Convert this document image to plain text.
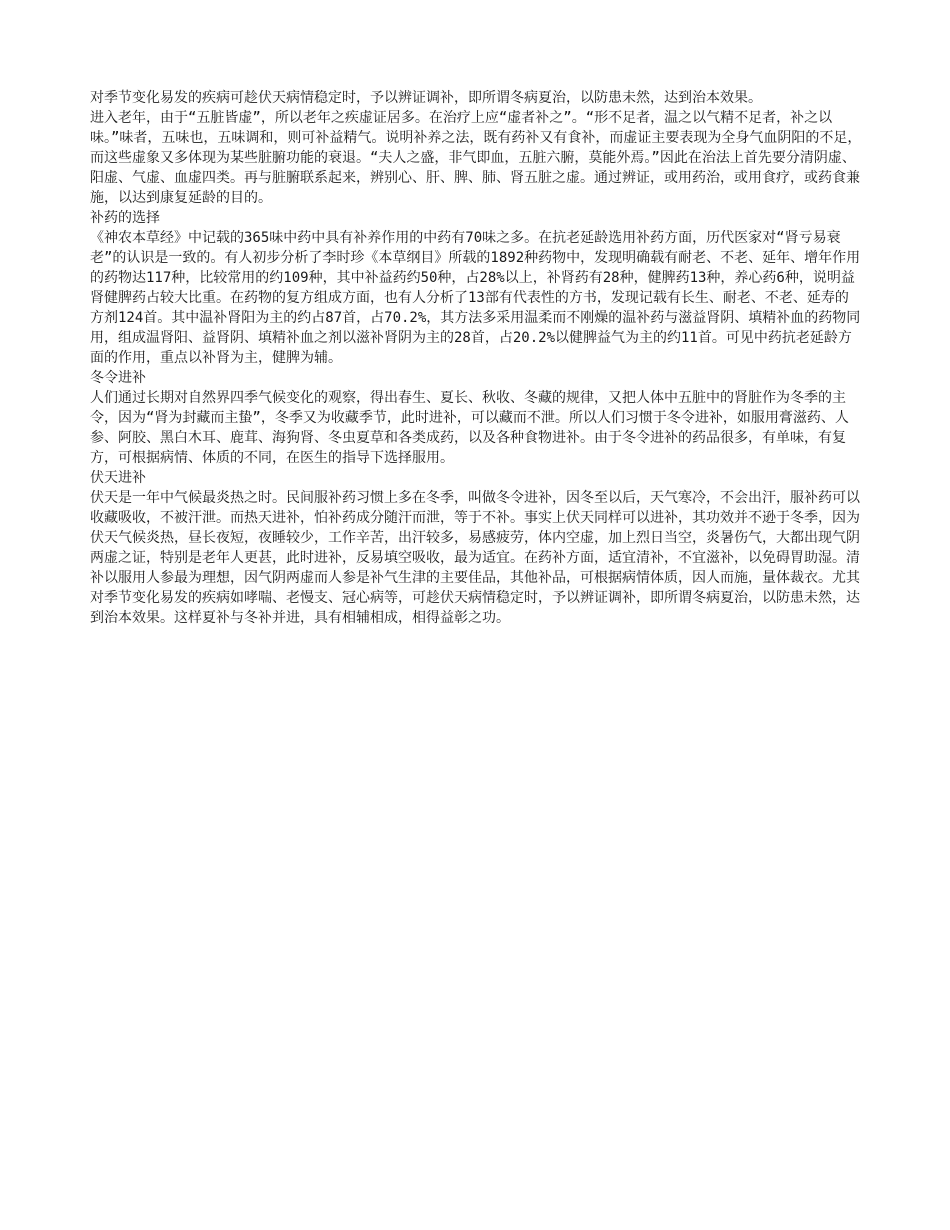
对季节变化易发的疾病可趁伏天病情稳定时，予以辨证调补，即所谓冬病夏治，以防患未然，达到治本效果。

进入老年，由于“五脏皆虚”，所以老年之疾虚证居多。在治疗上应“虚者补之”。“形不足者，温之以气精不足者，补之以味。”味者，五味也，五味调和，则可补益精气。说明补养之法，既有药补又有食补，而虚证主要表现为全身气血阴阳的不足，而这些虚象又多体现为某些脏腑功能的衰退。“夫人之盛，非气即血，五脏六腑，莫能外焉。”因此在治法上首先要分清阴虚、阳虚、气虚、血虚四类。再与脏腑联系起来，辨别心、肝、脾、肺、肾五脏之虚。通过辨证，或用药治，或用食疗，或药食兼施，以达到康复延龄的目的。

补药的选择

《神农本草经》中记载的365味中药中具有补养作用的中药有70味之多。在抗老延龄选用补药方面，历代医家对“肾亏易衰老”的认识是一致的。有人初步分析了李时珍《本草纲目》所载的1892种药物中，发现明确载有耐老、不老、延年、增年作用的药物达117种，比较常用的约109种，其中补益药约50种，占28%以上，补肾药有28种，健脾药13种，养心药6种，说明益肾健脾药占较大比重。在药物的复方组成方面，也有人分析了13部有代表性的方书，发现记载有长生、耐老、不老、延寿的方剂124首。其中温补肾阳为主的约占87首，占70.2%，其方法多采用温柔而不刚燥的温补药与滋益肾阴、填精补血的药物同用，组成温肾阳、益肾阴、填精补血之剂以滋补肾阴为主的28首，占20.2%以健脾益气为主的约11首。可见中药抗老延龄方面的作用，重点以补肾为主，健脾为辅。

冬令进补

人们通过长期对自然界四季气候变化的观察，得出春生、夏长、秋收、冬藏的规律，又把人体中五脏中的肾脏作为冬季的主令，因为“肾为封藏而主蛰”，冬季又为收藏季节，此时进补，可以藏而不泄。所以人们习惯于冬令进补，如服用膏滋药、人参、阿胶、黑白木耳、鹿茸、海狗肾、冬虫夏草和各类成药，以及各种食物进补。由于冬令进补的药品很多，有单味，有复方，可根据病情、体质的不同，在医生的指导下选择服用。

伏天进补

伏天是一年中气候最炎热之时。民间服补药习惯上多在冬季，叫做冬令进补，因冬至以后，天气寒冷，不会出汗，服补药可以收藏吸收，不被汗泄。而热天进补，怕补药成分随汗而泄，等于不补。事实上伏天同样可以进补，其功效并不逊于冬季，因为伏天气候炎热，昼长夜短，夜睡较少，工作辛苦，出汗较多，易感疲劳，体内空虚，加上烈日当空，炎暑伤气，大都出现气阴两虚之证，特别是老年人更甚，此时进补，反易填空吸收，最为适宜。在药补方面，适宜清补，不宜滋补，以免碍胃助湿。清补以服用人参最为理想，因气阴两虚而人参是补气生津的主要佳品，其他补品，可根据病情体质，因人而施，量体裁衣。尤其对季节变化易发的疾病如哮喘、老慢支、冠心病等，可趁伏天病情稳定时，予以辨证调补，即所谓冬病夏治，以防患未然，达到治本效果。这样夏补与冬补并进，具有相辅相成，相得益彰之功。
